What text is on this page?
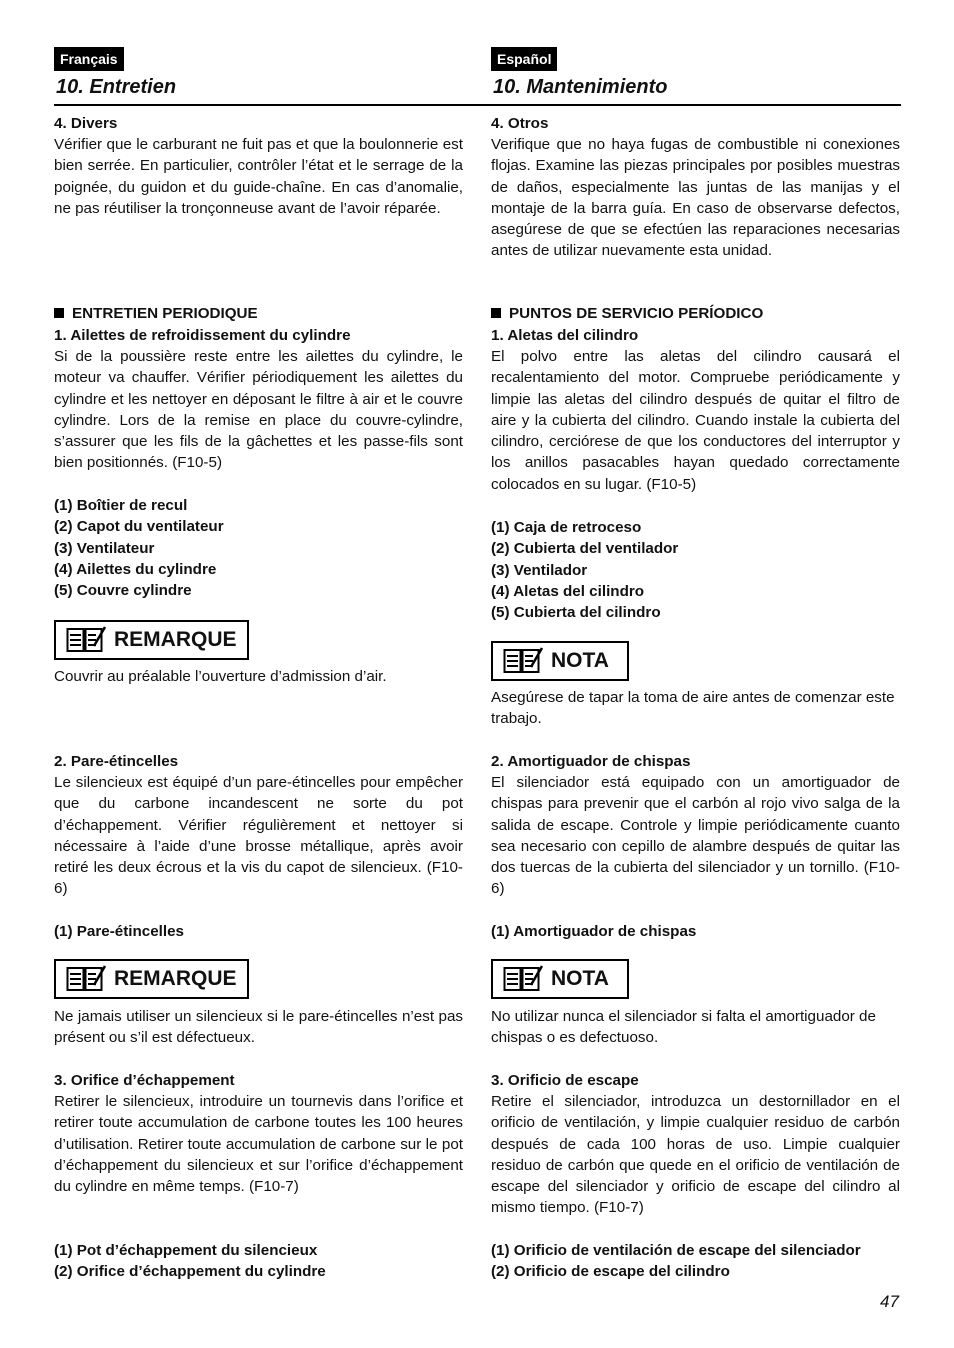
Français
10. Entretien
4. Divers
Vérifier que le carburant ne fuit pas et que la boulonnerie est bien serrée. En particulier, contrôler l’état et le serrage de la poignée, du guidon et du guide-chaîne. En cas d’anomalie, ne pas réutiliser la tronçonneuse avant de l’avoir réparée.
ENTRETIEN PERIODIQUE
1. Ailettes de refroidissement du cylindre
Si de la poussière reste entre les ailettes du cylindre, le moteur va chauffer. Vérifier périodiquement les ailettes du cylindre et les nettoyer en déposant le filtre à air et le couvre cylindre. Lors de la remise en place du couvre-cylindre, s’assurer que les fils de la gâchettes et les passe-fils sont bien positionnés. (F10-5)
(1) Boîtier de recul
(2) Capot du ventilateur
(3) Ventilateur
(4) Ailettes du cylindre
(5) Couvre cylindre
REMARQUE
Couvrir au préalable l’ouverture d’admission d’air.
2. Pare-étincelles
Le silencieux est équipé d’un pare-étincelles pour empêcher que du carbone incandescent ne sorte du pot d’échappement. Vérifier régulièrement et nettoyer si nécessaire à l’aide d’une brosse métallique, après avoir retiré les deux écrous et la vis du capot de silencieux. (F10-6)
(1) Pare-étincelles
REMARQUE
Ne jamais utiliser un silencieux si le pare-étincelles n’est pas présent ou s’il est défectueux.
3. Orifice d’échappement
Retirer le silencieux, introduire un tournevis dans l’orifice et retirer toute accumulation de carbone toutes les 100 heures d’utilisation. Retirer toute accumulation de carbone sur le pot d’échappement du silencieux et sur l’orifice d’échappement du cylindre en même temps. (F10-7)
(1) Pot d’échappement du silencieux
(2) Orifice d’échappement du cylindre
Español
10. Mantenimiento
4. Otros
Verifique que no haya fugas de combustible ni conexiones flojas. Examine las piezas principales por posibles muestras de daños, especialmente las juntas de las manijas y el montaje de la barra guía. En caso de observarse defectos, asegúrese de que se efectúen las reparaciones necesarias antes de utilizar nuevamente esta unidad.
PUNTOS DE SERVICIO PERÍODICO
1. Aletas del cilindro
El polvo entre las aletas del cilindro causará el recalentamiento del motor. Compruebe periódicamente y limpie las aletas del cilindro después de quitar el filtro de aire y la cubierta del cilindro. Cuando instale la cubierta del cilindro, cerciórese de que los conductores del interruptor y los anillos pasacables hayan quedado correctamente colocados en su lugar. (F10-5)
(1) Caja de retroceso
(2) Cubierta del ventilador
(3) Ventilador
(4) Aletas del cilindro
(5) Cubierta del cilindro
NOTA
Asegúrese de tapar la toma de aire antes de comenzar este trabajo.
2. Amortiguador de chispas
El silenciador está equipado con un amortiguador de chispas para prevenir que el carbón al rojo vivo salga de la salida de escape. Controle y limpie periódicamente cuanto sea necesario con cepillo de alambre después de quitar las dos tuercas de la cubierta del silenciador y un tornillo. (F10-6)
(1) Amortiguador de chispas
NOTA
No utilizar nunca el silenciador si falta el amortiguador de chispas o es defectuoso.
3. Orificio de escape
Retire el silenciador, introduzca un destornillador en el orificio de ventilación, y limpie cualquier residuo de carbón después de cada 100 horas de uso. Limpie cualquier residuo de carbón que quede en el orificio de ventilación de escape del silenciador y orificio de escape del cilindro al mismo tiempo. (F10-7)
(1) Orificio de ventilación de escape del silenciador
(2) Orificio de escape del cilindro
47
